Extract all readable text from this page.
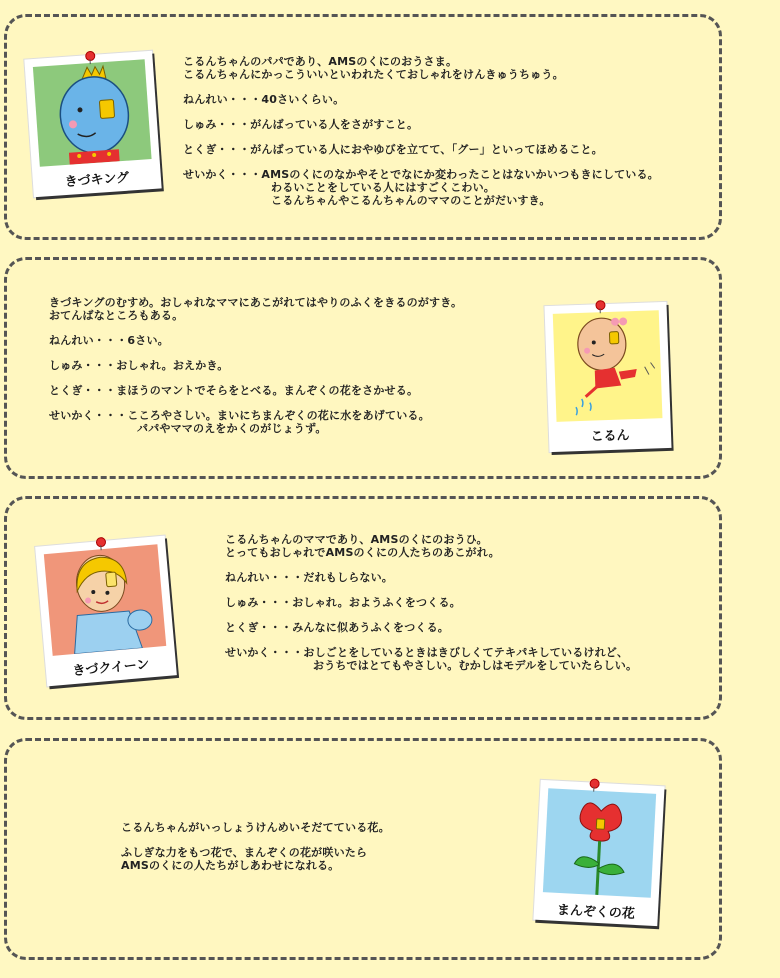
きづキング

こるんちゃんのパパであり、AMSのくにのおうさま。
こるんちゃんにかっこういいといわれたくておしゃれをけんきゅうちゅう。

ねんれい・・・40さいくらい。

しゅみ・・・がんばっている人をさがすこと。

とくぎ・・・がんばっている人におやゆびを立てて、「グー」といってほめること。

せいかく・・・AMSのくにのなかやそとでなにか変わったことはないかいつもきにしている。
わるいことをしている人にはすごくこわい。
こるんちゃんやこるんちゃんのママのことがだいすき。

きづキングのむすめ。おしゃれなママにあこがれてはやりのふくをきるのがすき。
おてんばなところもある。

ねんれい・・・6さい。

しゅみ・・・おしゃれ。おえかき。

とくぎ・・・まほうのマントでそらをとべる。まんぞくの花をさかせる。

せいかく・・・こころやさしい。まいにちまんぞくの花に水をあげている。
パパやママのえをかくのがじょうず。	こるん
きづクイーン

こるんちゃんのママであり、AMSのくにのおうひ。
とってもおしゃれでAMSのくにの人たちのあこがれ。

ねんれい・・・だれもしらない。

しゅみ・・・おしゃれ。おようふくをつくる。

とくぎ・・・みんなに似あうふくをつくる。

せいかく・・・おしごとをしているときはきびしくてテキパキしているけれど、
おうちではとてもやさしい。むかしはモデルをしていたらしい。

こるんちゃんがいっしょうけんめいそだてている花。

ふしぎな力をもつ花で、まんぞくの花が咲いたら
AMSのくにの人たちがしあわせになれる。

まんぞくの花
